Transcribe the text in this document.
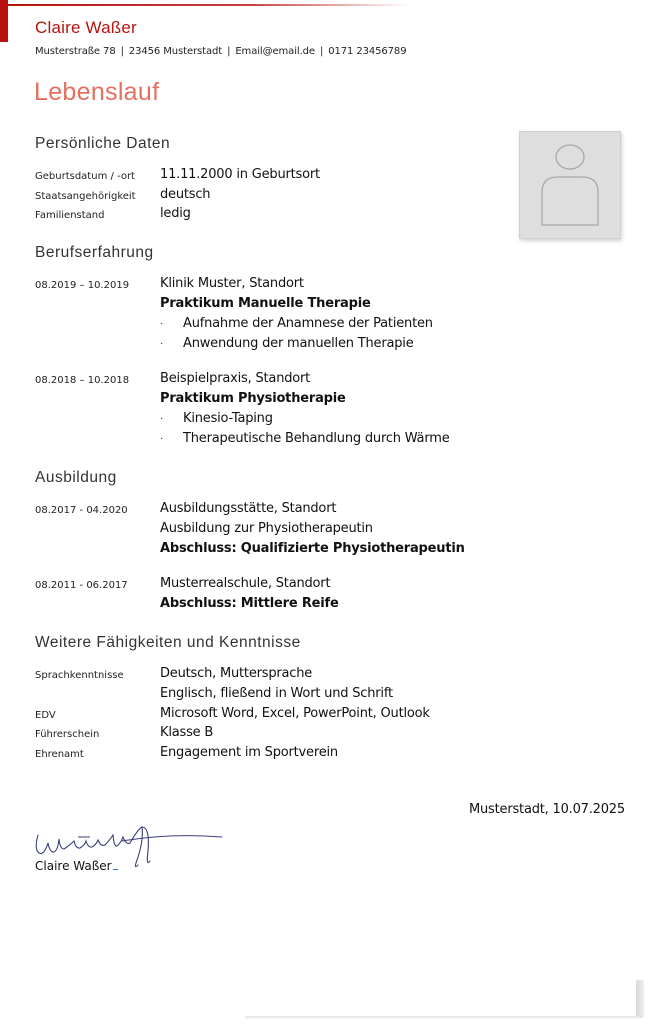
Claire Waßer
Musterstraße 78 | 23456 Musterstadt | Email@email.de | 0171 23456789
Lebenslauf
Persönliche Daten
Geburtsdatum / -ort 11.11.2000 in Geburtsort
Staatsangehörigkeit deutsch
Familienstand	ledig
Berufserfahrung
08.2019 – 10.2019 Klinik Muster, Standort
Praktikum Manuelle Therapie
· Aufnahme der Anamnese der Patienten
· Anwendung der manuellen Therapie
08.2018 – 10.2018 Beispielpraxis, Standort
Praktikum Physiotherapie
· Kinesio-Taping
· Therapeutische Behandlung durch Wärme
Ausbildung
08.2017 - 04.2020 Ausbildungsstätte, Standort
Ausbildung zur Physiotherapeutin
Abschluss: Qualifizierte Physiotherapeutin
08.2011 - 06.2017 Musterrealschule, Standort
Abschluss: Mittlere Reife
Weitere Fähigkeiten und Kenntnisse
Sprachkenntnisse	Deutsch, Muttersprache
Englisch, fließend in Wort und Schrift
EDV	Microsoft Word, Excel, PowerPoint, Outlook
Führerschein	Klasse B
Ehrenamt	Engagement im Sportverein
Musterstadt, 10.07.2025
Claire Waßer
